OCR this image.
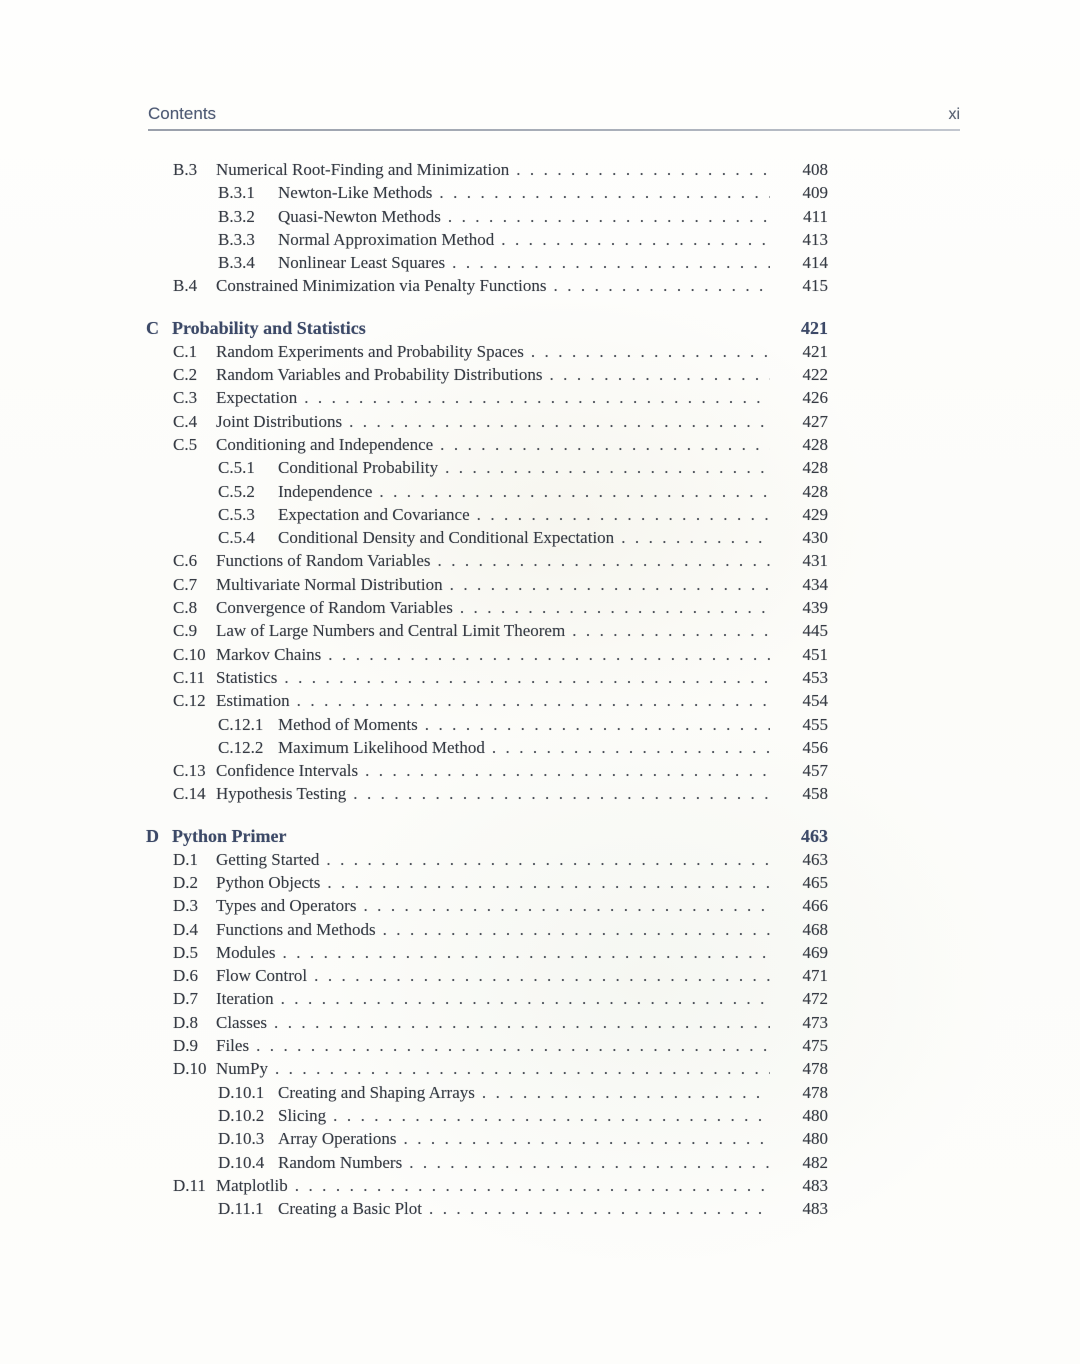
Contents	xi
B.3	Numerical Root-Finding and Minimization . . .	408
B.3.1	Newton-Like Methods . . .	409
B.3.2	Quasi-Newton Methods . . .	411
B.3.3	Normal Approximation Method . . .	413
B.3.4	Nonlinear Least Squares . . .	414
B.4	Constrained Minimization via Penalty Functions . . .	415
C Probability and Statistics	421
C.1	Random Experiments and Probability Spaces . . .	421
C.2	Random Variables and Probability Distributions . . .	422
C.3	Expectation . . .	426
C.4	Joint Distributions . . .	427
C.5	Conditioning and Independence . . .	428
C.5.1	Conditional Probability . . .	428
C.5.2	Independence . . .	428
C.5.3	Expectation and Covariance . . .	429
C.5.4	Conditional Density and Conditional Expectation . . .	430
C.6	Functions of Random Variables . . .	431
C.7	Multivariate Normal Distribution . . .	434
C.8	Convergence of Random Variables . . .	439
C.9	Law of Large Numbers and Central Limit Theorem . . .	445
C.10 Markov Chains . . .	451
C.11 Statistics . . .	453
C.12 Estimation . . .	454
C.12.1 Method of Moments . . .	455
C.12.2 Maximum Likelihood Method . . .	456
C.13 Confidence Intervals . . .	457
C.14 Hypothesis Testing . . .	458
D Python Primer	463
D.1	Getting Started . . .	463
D.2	Python Objects . . .	465
D.3	Types and Operators . . .	466
D.4	Functions and Methods . . .	468
D.5	Modules . . .	469
D.6	Flow Control . . .	471
D.7	Iteration . . .	472
D.8	Classes . . .	473
D.9	Files . . .	475
D.10 NumPy . . .	478
D.10.1 Creating and Shaping Arrays . . .	478
D.10.2 Slicing . . .	480
D.10.3 Array Operations . . .	480
D.10.4 Random Numbers . . .	482
D.11 Matplotlib . . .	483
D.11.1 Creating a Basic Plot . . .	483
